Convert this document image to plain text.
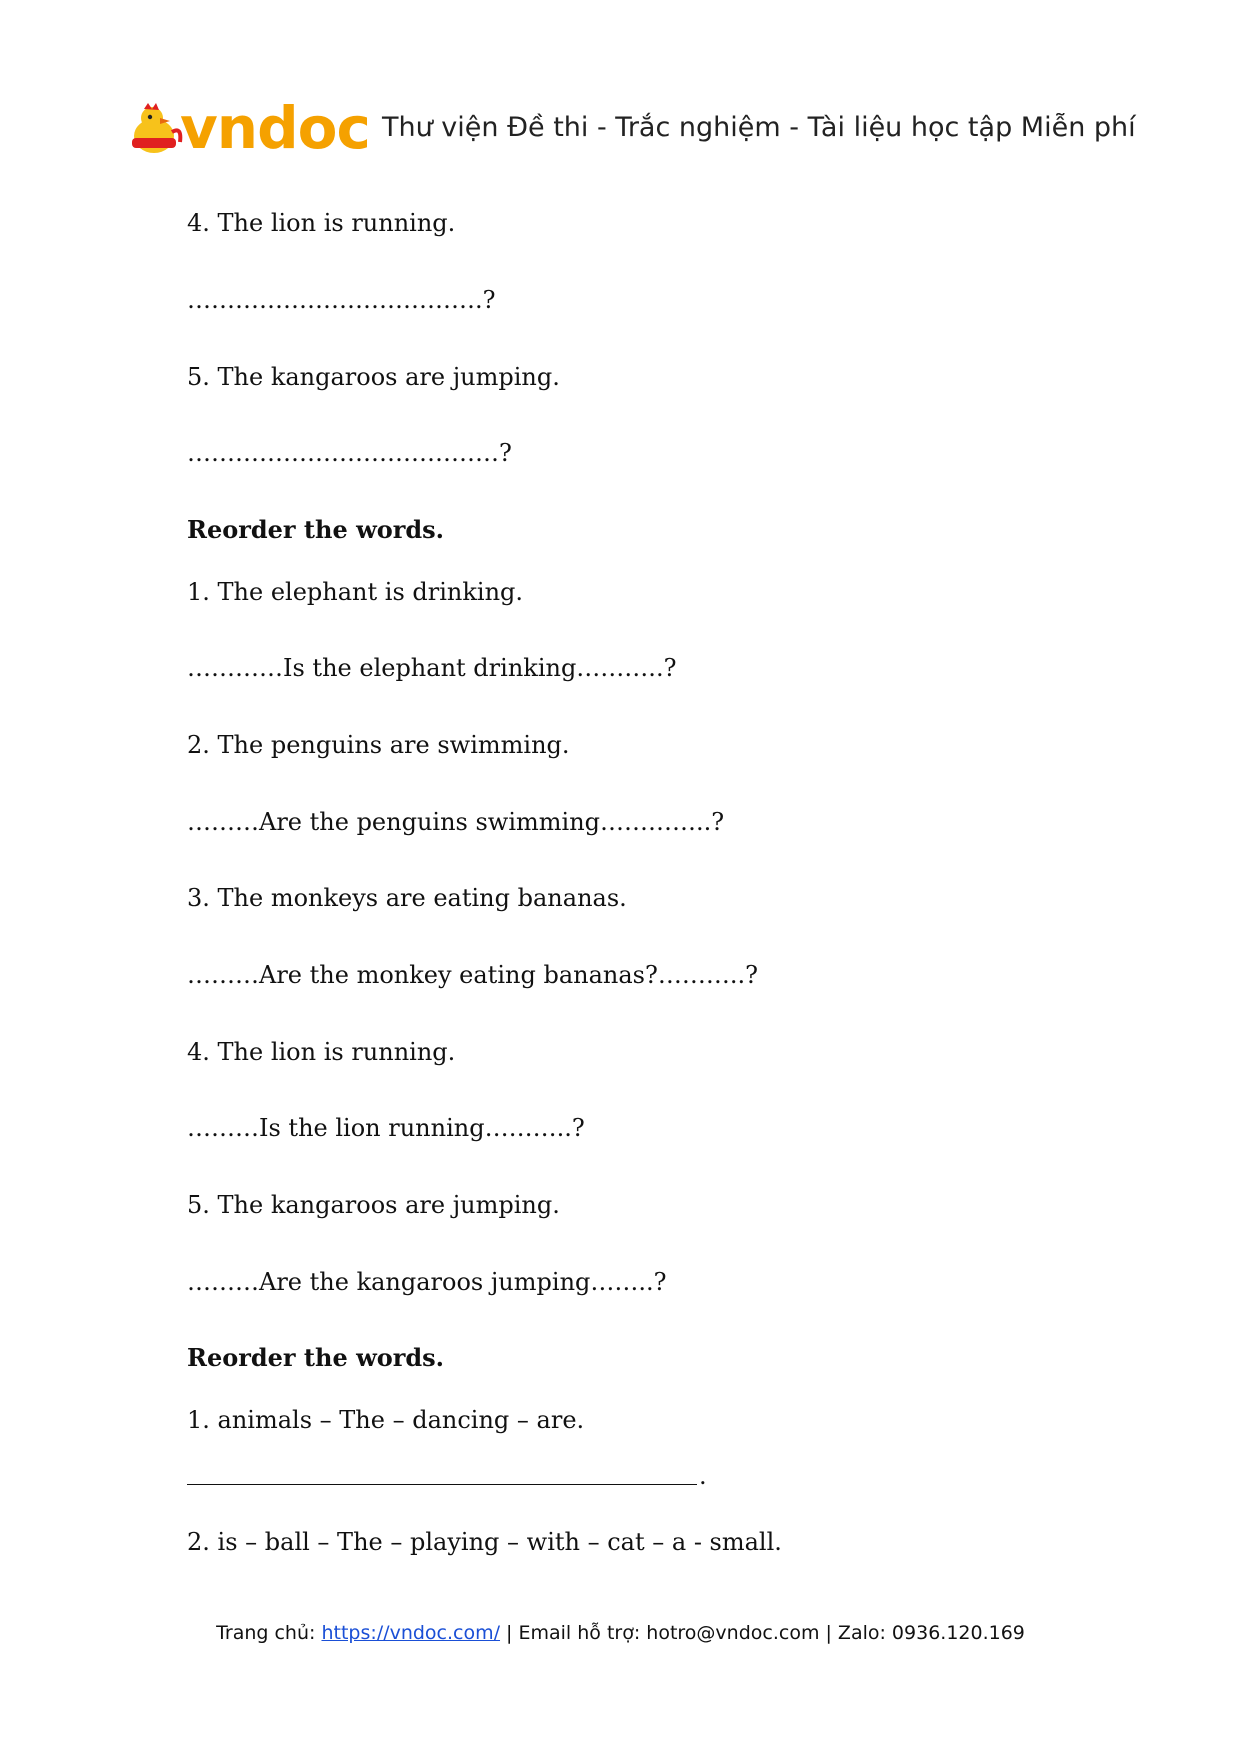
vndoc Thư viện Đề thi - Trắc nghiệm - Tài liệu học tập Miễn phí
4. The lion is running.
……………………………….?
5. The kangaroos are jumping.
…………………………………?
Reorder the words.
1. The elephant is drinking.
…………Is the elephant drinking………..?
2. The penguins are swimming.
………Are the penguins swimming…………..?
3. The monkeys are eating bananas.
………Are the monkey eating bananas?………..?
4. The lion is running.
………Is the lion running………..?
5. The kangaroos are jumping.
………Are the kangaroos jumping……..?
Reorder the words.
1. animals – The – dancing – are.
.
2. is – ball – The – playing – with – cat – a - small.
Trang chủ: https://vndoc.com/ | Email hỗ trợ: hotro@vndoc.com | Zalo: 0936.120.169
